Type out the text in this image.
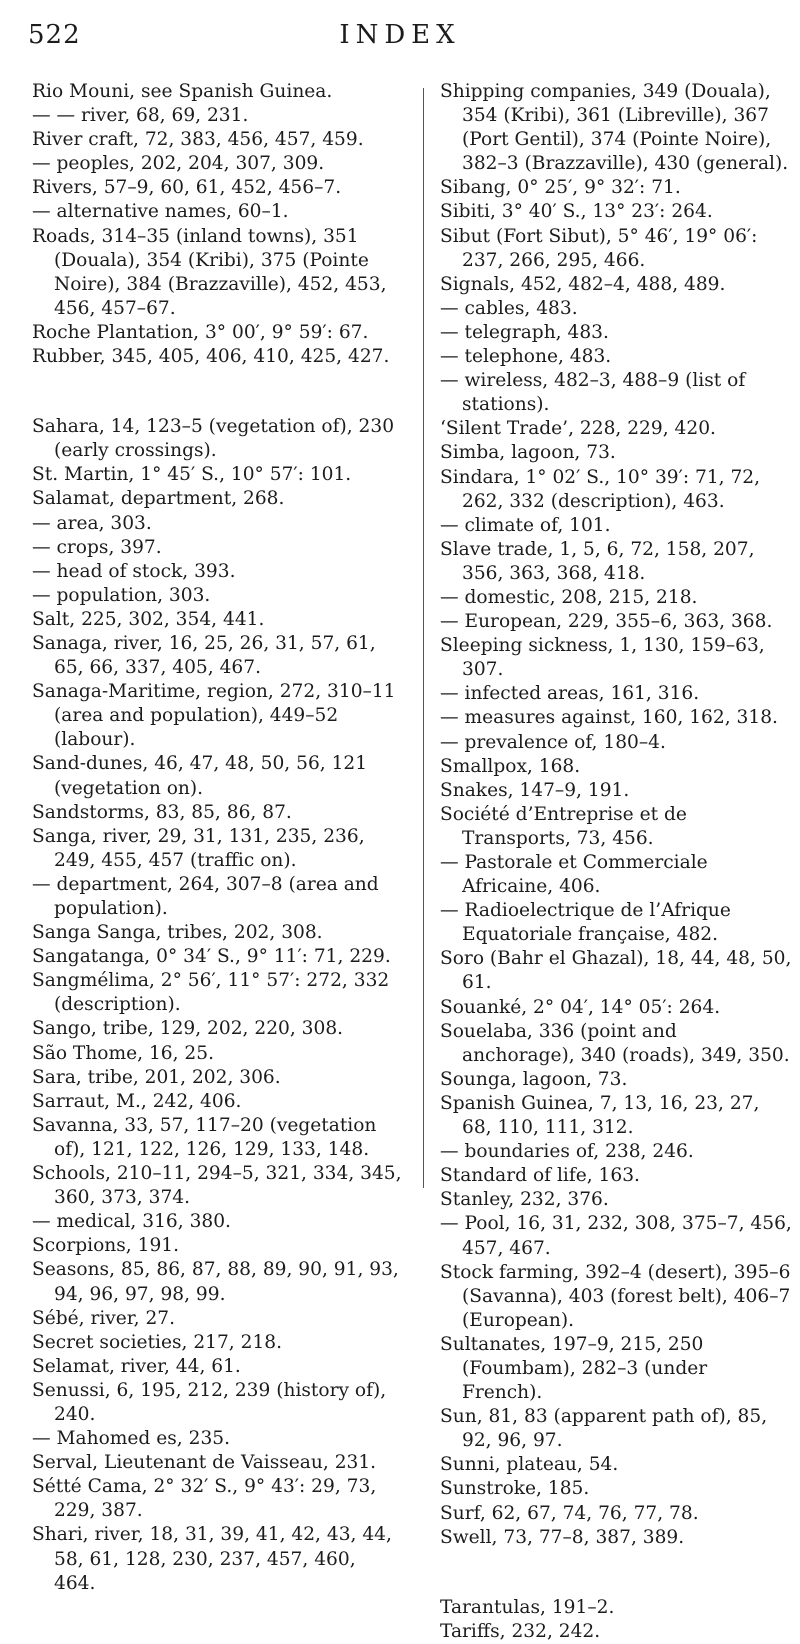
522	INDEX
Rio Mouni, see Spanish Guinea.
— — river, 68, 69, 231.
River craft, 72, 383, 456, 457, 459.
— peoples, 202, 204, 307, 309.
Rivers, 57–9, 60, 61, 452, 456–7.
— alternative names, 60–1.
Roads, 314–35 (inland towns), 351 (Douala), 354 (Kribi), 375 (Pointe Noire), 384 (Brazzaville), 452, 453, 456, 457–67.
Roche Plantation, 3° 00′, 9° 59′: 67.
Rubber, 345, 405, 406, 410, 425, 427.
Sahara, 14, 123–5 (vegetation of), 230 (early crossings).
St. Martin, 1° 45′ S., 10° 57′: 101.
Salamat, department, 268.
— area, 303.
— crops, 397.
— head of stock, 393.
— population, 303.
Salt, 225, 302, 354, 441.
Sanaga, river, 16, 25, 26, 31, 57, 61, 65, 66, 337, 405, 467.
Sanaga-Maritime, region, 272, 310–11 (area and population), 449–52 (labour).
Sand-dunes, 46, 47, 48, 50, 56, 121 (vegetation on).
Sandstorms, 83, 85, 86, 87.
Sanga, river, 29, 31, 131, 235, 236, 249, 455, 457 (traffic on).
— department, 264, 307–8 (area and population).
Sanga Sanga, tribes, 202, 308.
Sangatanga, 0° 34′ S., 9° 11′: 71, 229.
Sangmélima, 2° 56′, 11° 57′: 272, 332 (description).
Sango, tribe, 129, 202, 220, 308.
São Thome, 16, 25.
Sara, tribe, 201, 202, 306.
Sarraut, M., 242, 406.
Savanna, 33, 57, 117–20 (vegetation of), 121, 122, 126, 129, 133, 148.
Schools, 210–11, 294–5, 321, 334, 345, 360, 373, 374.
— medical, 316, 380.
Scorpions, 191.
Seasons, 85, 86, 87, 88, 89, 90, 91, 93, 94, 96, 97, 98, 99.
Sébé, river, 27.
Secret societies, 217, 218.
Selamat, river, 44, 61.
Senussi, 6, 195, 212, 239 (history of), 240.
— Mahomed es, 235.
Serval, Lieutenant de Vaisseau, 231.
Sétté Cama, 2° 32′ S., 9° 43′: 29, 73, 229, 387.
Shari, river, 18, 31, 39, 41, 42, 43, 44, 58, 61, 128, 230, 237, 457, 460, 464.
Shipping companies, 349 (Douala), 354 (Kribi), 361 (Libreville), 367 (Port Gentil), 374 (Pointe Noire), 382–3 (Brazzaville), 430 (general).
Sibang, 0° 25′, 9° 32′: 71.
Sibiti, 3° 40′ S., 13° 23′: 264.
Sibut (Fort Sibut), 5° 46′, 19° 06′: 237, 266, 295, 466.
Signals, 452, 482–4, 488, 489.
— cables, 483.
— telegraph, 483.
— telephone, 483.
— wireless, 482–3, 488–9 (list of stations).
‘Silent Trade’, 228, 229, 420.
Simba, lagoon, 73.
Sindara, 1° 02′ S., 10° 39′: 71, 72, 262, 332 (description), 463.
— climate of, 101.
Slave trade, 1, 5, 6, 72, 158, 207, 356, 363, 368, 418.
— domestic, 208, 215, 218.
— European, 229, 355–6, 363, 368.
Sleeping sickness, 1, 130, 159–63, 307.
— infected areas, 161, 316.
— measures against, 160, 162, 318.
— prevalence of, 180–4.
Smallpox, 168.
Snakes, 147–9, 191.
Société d’Entreprise et de Transports, 73, 456.
— Pastorale et Commerciale Africaine, 406.
— Radioelectrique de l’Afrique Equatoriale française, 482.
Soro (Bahr el Ghazal), 18, 44, 48, 50, 61.
Souanké, 2° 04′, 14° 05′: 264.
Souelaba, 336 (point and anchorage), 340 (roads), 349, 350.
Sounga, lagoon, 73.
Spanish Guinea, 7, 13, 16, 23, 27, 68, 110, 111, 312.
— boundaries of, 238, 246.
Standard of life, 163.
Stanley, 232, 376.
— Pool, 16, 31, 232, 308, 375–7, 456, 457, 467.
Stock farming, 392–4 (desert), 395–6 (Savanna), 403 (forest belt), 406–7 (European).
Sultanates, 197–9, 215, 250 (Foumbam), 282–3 (under French).
Sun, 81, 83 (apparent path of), 85, 92, 96, 97.
Sunni, plateau, 54.
Sunstroke, 185.
Surf, 62, 67, 74, 76, 77, 78.
Swell, 73, 77–8, 387, 389.
Tarantulas, 191–2.
Tariffs, 232, 242.
